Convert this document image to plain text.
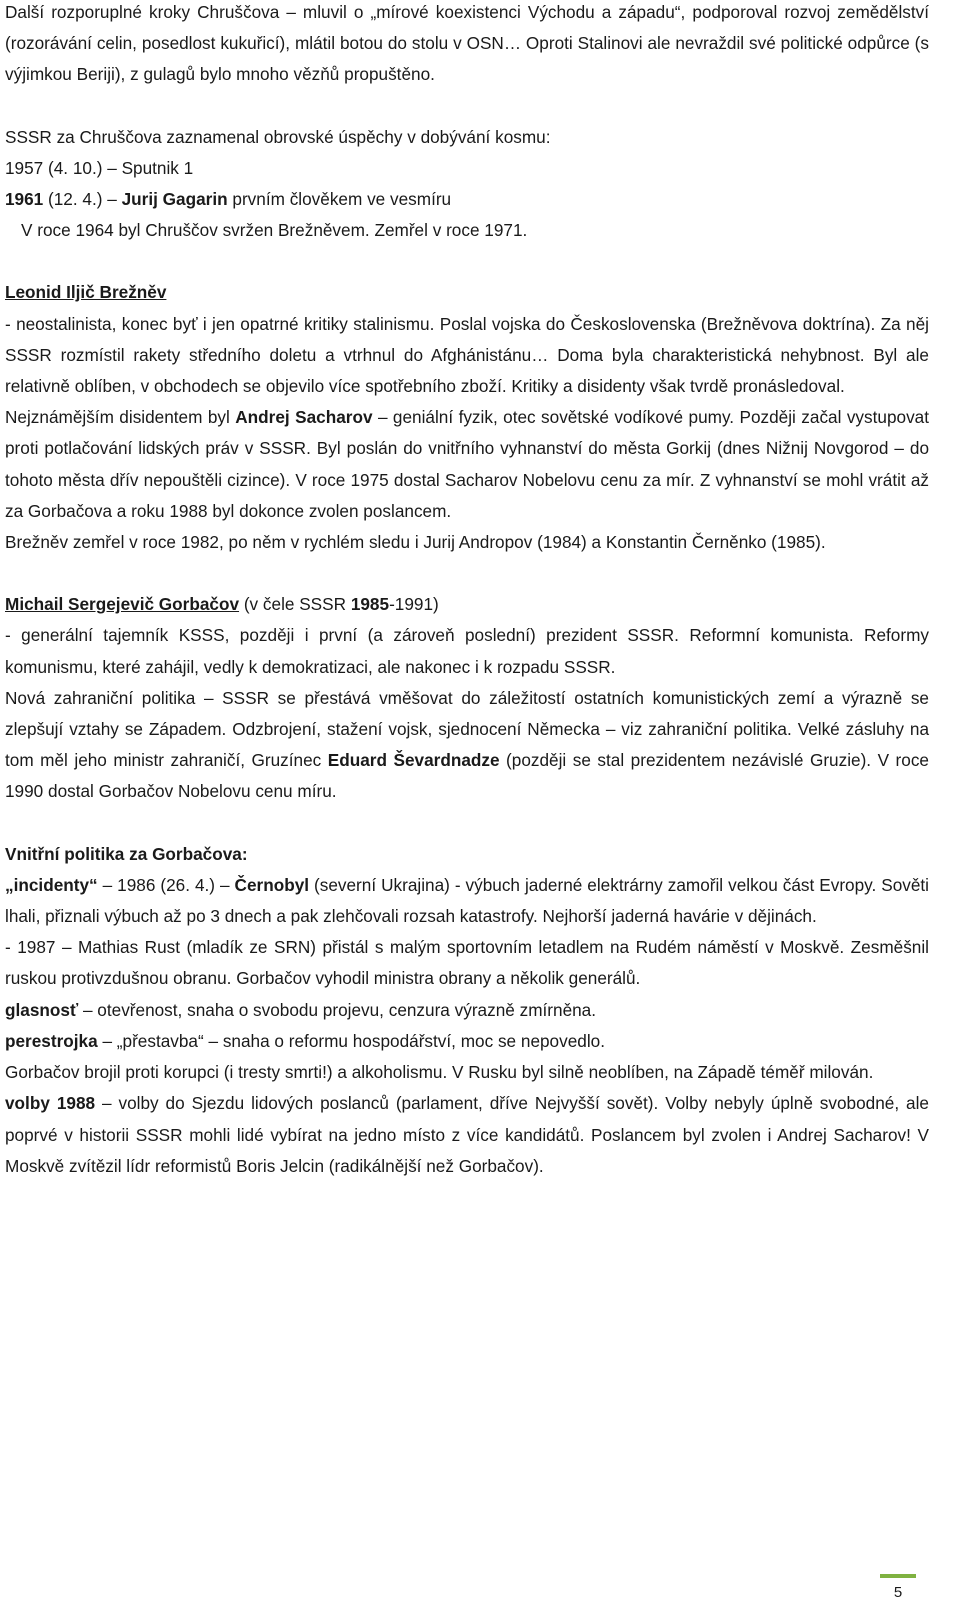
Další rozporuplné kroky Chruščova – mluvil o „mírové koexistenci Východu a západu“, podporoval rozvoj zemědělství (rozorávání celin, posedlost kukuřicí), mlátil botou do stolu v OSN… Oproti Stalinovi ale nevraždil své politické odpůrce (s výjimkou Beriji), z gulagů bylo mnoho vězňů propuštěno.

SSSR za Chruščova zaznamenal obrovské úspěchy v dobývání kosmu:

1957 (4. 10.) – Sputnik 1

1961 (12. 4.) – Jurij Gagarin prvním člověkem ve vesmíru

V roce 1964 byl Chruščov svržen Brežněvem. Zemřel v roce 1971.

Leonid Iljič Brežněv

- neostalinista, konec byť i jen opatrné kritiky stalinismu. Poslal vojska do Československa (Brežněvova doktrína). Za něj SSSR rozmístil rakety středního doletu a vtrhnul do Afghánistánu… Doma byla charakteristická nehybnost. Byl ale relativně oblíben, v obchodech se objevilo více spotřebního zboží. Kritiky a disidenty však tvrdě pronásledoval.

Nejznámějším disidentem byl Andrej Sacharov – geniální fyzik, otec sovětské vodíkové pumy. Později začal vystupovat proti potlačování lidských práv v SSSR. Byl poslán do vnitřního vyhnanství do města Gorkij (dnes Nižnij Novgorod – do tohoto města dřív nepouštěli cizince). V roce 1975 dostal Sacharov Nobelovu cenu za mír. Z vyhnanství se mohl vrátit až za Gorbačova a roku 1988 byl dokonce zvolen poslancem.

Brežněv zemřel v roce 1982, po něm v rychlém sledu i Jurij Andropov (1984) a Konstantin Černěnko (1985).

Michail Sergejevič Gorbačov (v čele SSSR 1985-1991)

- generální tajemník KSSS, později i první (a zároveň poslední) prezident SSSR. Reformní komunista. Reformy komunismu, které zahájil, vedly k demokratizaci, ale nakonec i k rozpadu SSSR.

Nová zahraniční politika – SSSR se přestává vměšovat do záležitostí ostatních komunistických zemí a výrazně se zlepšují vztahy se Západem. Odzbrojení, stažení vojsk, sjednocení Německa – viz zahraniční politika. Velké zásluhy na tom měl jeho ministr zahraničí, Gruzínec Eduard Ševardnadze (později se stal prezidentem nezávislé Gruzie). V roce 1990 dostal Gorbačov Nobelovu cenu míru.

Vnitřní politika za Gorbačova:

„incidenty“ – 1986 (26. 4.) – Černobyl (severní Ukrajina) - výbuch jaderné elektrárny zamořil velkou část Evropy. Sověti lhali, přiznali výbuch až po 3 dnech a pak zlehčovali rozsah katastrofy. Nejhorší jaderná havárie v dějinách.

- 1987 – Mathias Rust (mladík ze SRN) přistál s malým sportovním letadlem na Rudém náměstí v Moskvě. Zesměšnil ruskou protivzdušnou obranu. Gorbačov vyhodil ministra obrany a několik generálů.

glasnosť – otevřenost, snaha o svobodu projevu, cenzura výrazně zmírněna.

perestrojka – „přestavba“ – snaha o reformu hospodářství, moc se nepovedlo.

Gorbačov brojil proti korupci (i tresty smrti!) a alkoholismu. V Rusku byl silně neoblíben, na Západě téměř milován.

volby 1988 – volby do Sjezdu lidových poslanců (parlament, dříve Nejvyšší sovět). Volby nebyly úplně svobodné, ale poprvé v historii SSSR mohli lidé vybírat na jedno místo z více kandidátů. Poslancem byl zvolen i Andrej Sacharov! V Moskvě zvítězil lídr reformistů Boris Jelcin (radikálnější než Gorbačov).

5
